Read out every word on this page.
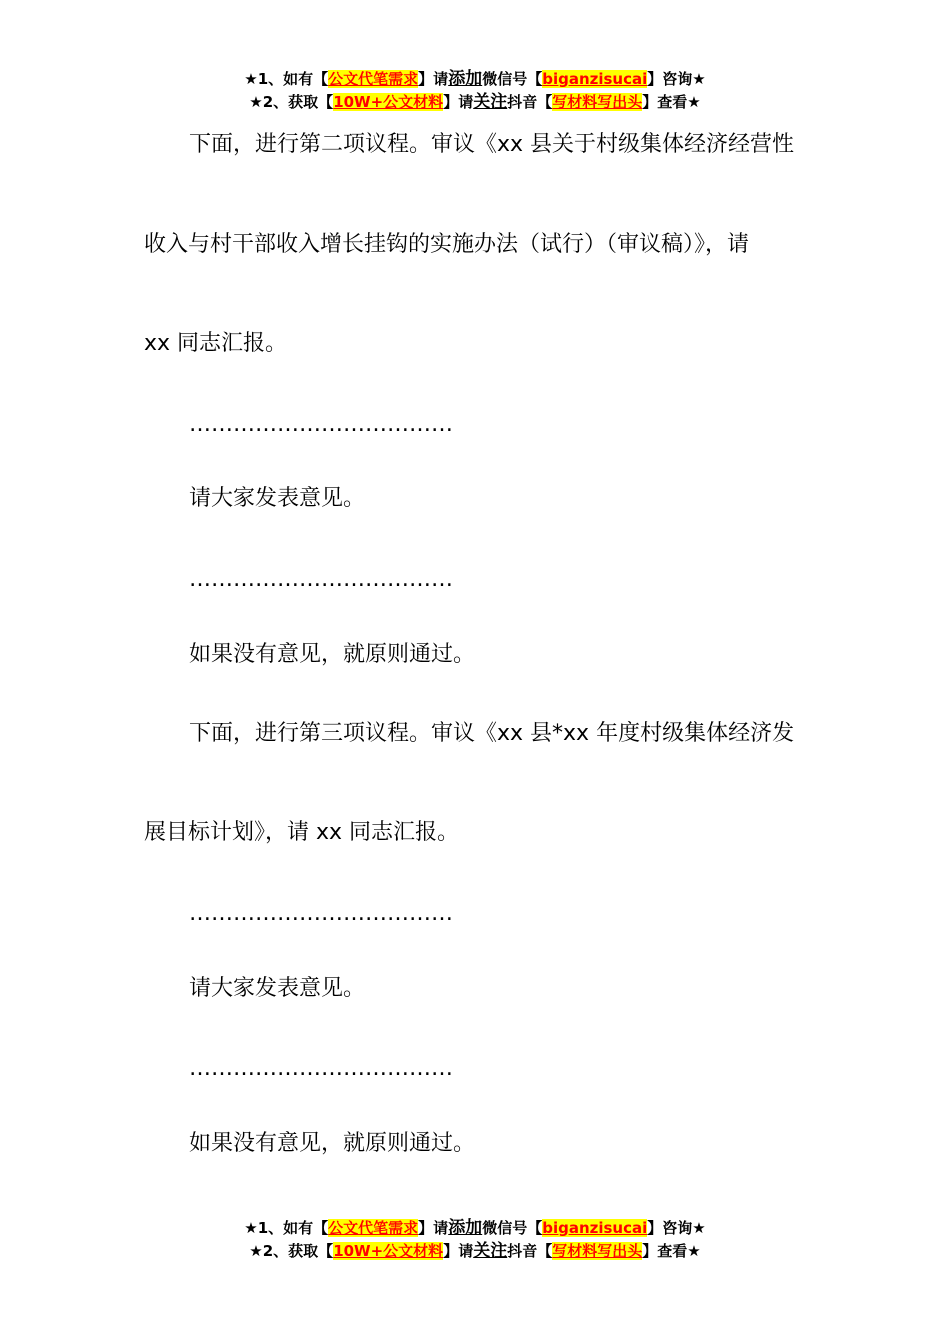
★1、如有【公文代笔需求】请添加微信号【biganzisucai】咨询★
★2、获取【10W+公文材料】请关注抖音【写材料写出头】查看★
下面，进行第二项议程。审议《xx 县关于村级集体经济经营性
收入与村干部收入增长挂钩的实施办法（试行）（审议稿）》，请
xx 同志汇报。
………………………………
请大家发表意见。
………………………………
如果没有意见，就原则通过。
下面，进行第三项议程。审议《xx 县*xx 年度村级集体经济发
展目标计划》，请 xx 同志汇报。
………………………………
请大家发表意见。
………………………………
如果没有意见，就原则通过。
★1、如有【公文代笔需求】请添加微信号【biganzisucai】咨询★
★2、获取【10W+公文材料】请关注抖音【写材料写出头】查看★
